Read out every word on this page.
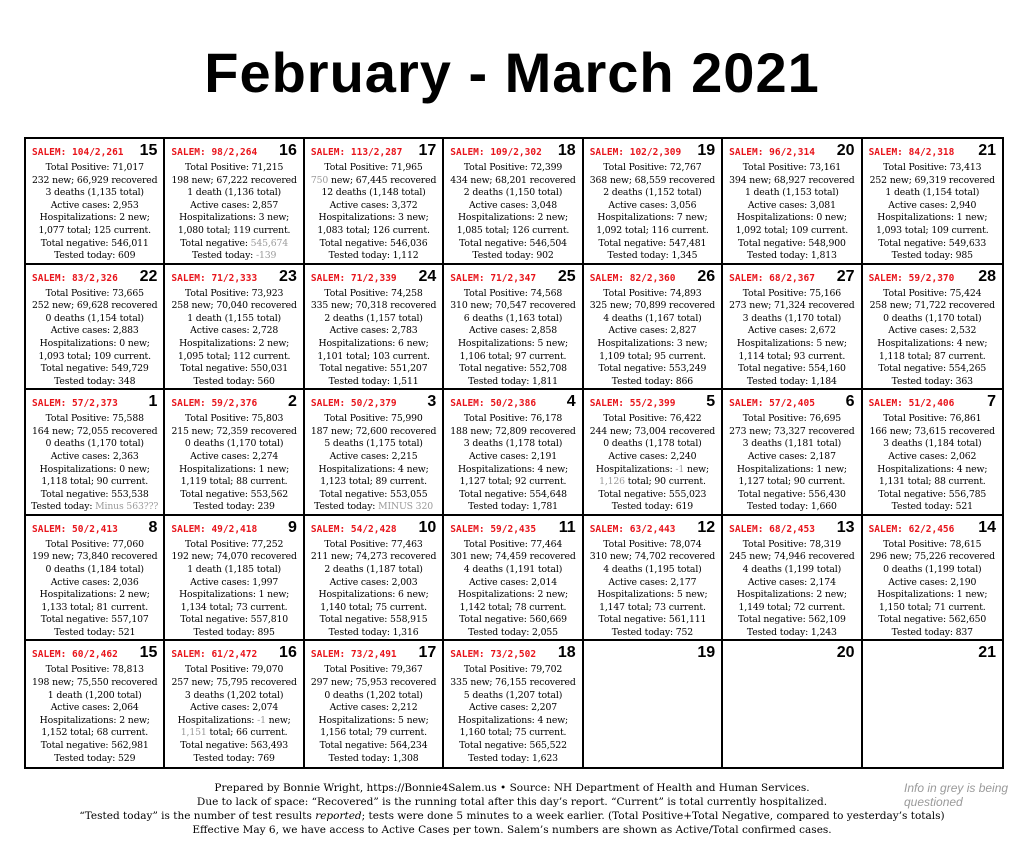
February - March 2021
SALEM: 104/2,261 15
Total Positive: 71,017
232 new; 66,929 recovered
3 deaths (1,135 total)
Active cases: 2,953
Hospitalizations: 2 new;
1,077 total; 125 current.
Total negative: 546,011
Tested today: 609
SALEM: 98/2,264 16
Total Positive: 71,215
198 new; 67,222 recovered
1 death (1,136 total)
Active cases: 2,857
Hospitalizations: 3 new;
1,080 total; 119 current.
Total negative: 545,674
Tested today: -139
SALEM: 113/2,287 17
Total Positive: 71,965
750 new; 67,445 recovered
12 deaths (1,148 total)
Active cases: 3,372
Hospitalizations: 3 new;
1,083 total; 126 current.
Total negative: 546,036
Tested today: 1,112
SALEM: 109/2,302 18
Total Positive: 72,399
434 new; 68,201 recovered
2 deaths (1,150 total)
Active cases: 3,048
Hospitalizations: 2 new;
1,085 total; 126 current.
Total negative: 546,504
Tested today: 902
SALEM: 102/2,309 19
Total Positive: 72,767
368 new; 68,559 recovered
2 deaths (1,152 total)
Active cases: 3,056
Hospitalizations: 7 new;
1,092 total; 116 current.
Total negative: 547,481
Tested today: 1,345
SALEM: 96/2,314 20
Total Positive: 73,161
394 new; 68,927 recovered
1 death (1,153 total)
Active cases: 3,081
Hospitalizations: 0 new;
1,092 total; 109 current.
Total negative: 548,900
Tested today: 1,813
SALEM: 84/2,318 21
Total Positive: 73,413
252 new; 69,319 recovered
1 death (1,154 total)
Active cases: 2,940
Hospitalizations: 1 new;
1,093 total; 109 current.
Total negative: 549,633
Tested today: 985
SALEM: 83/2,326 22
Total Positive: 73,665
252 new; 69,628 recovered
0 deaths (1,154 total)
Active cases: 2,883
Hospitalizations: 0 new;
1,093 total; 109 current.
Total negative: 549,729
Tested today: 348
SALEM: 71/2,333 23
Total Positive: 73,923
258 new; 70,040 recovered
1 death (1,155 total)
Active cases: 2,728
Hospitalizations: 2 new;
1,095 total; 112 current.
Total negative: 550,031
Tested today: 560
SALEM: 71/2,339 24
Total Positive: 74,258
335 new; 70,318 recovered
2 deaths (1,157 total)
Active cases: 2,783
Hospitalizations: 6 new;
1,101 total; 103 current.
Total negative: 551,207
Tested today: 1,511
SALEM: 71/2,347 25
Total Positive: 74,568
310 new; 70,547 recovered
6 deaths (1,163 total)
Active cases: 2,858
Hospitalizations: 5 new;
1,106 total; 97 current.
Total negative: 552,708
Tested today: 1,811
SALEM: 82/2,360 26
Total Positive: 74,893
325 new; 70,899 recovered
4 deaths (1,167 total)
Active cases: 2,827
Hospitalizations: 3 new;
1,109 total; 95 current.
Total negative: 553,249
Tested today: 866
SALEM: 68/2,367 27
Total Positive: 75,166
273 new; 71,324 recovered
3 deaths (1,170 total)
Active cases: 2,672
Hospitalizations: 5 new;
1,114 total; 93 current.
Total negative: 554,160
Tested today: 1,184
SALEM: 59/2,370 28
Total Positive: 75,424
258 new; 71,722 recovered
0 deaths (1,170 total)
Active cases: 2,532
Hospitalizations: 4 new;
1,118 total; 87 current.
Total negative: 554,265
Tested today: 363
SALEM: 57/2,373 1
Total Positive: 75,588
164 new; 72,055 recovered
0 deaths (1,170 total)
Active cases: 2,363
Hospitalizations: 0 new;
1,118 total; 90 current.
Total negative: 553,538
Tested today: Minus 563???
SALEM: 59/2,376 2
Total Positive: 75,803
215 new; 72,359 recovered
0 deaths (1,170 total)
Active cases: 2,274
Hospitalizations: 1 new;
1,119 total; 88 current.
Total negative: 553,562
Tested today: 239
SALEM: 50/2,379 3
Total Positive: 75,990
187 new; 72,600 recovered
5 deaths (1,175 total)
Active cases: 2,215
Hospitalizations: 4 new;
1,123 total; 89 current.
Total negative: 553,055
Tested today: MINUS 320
SALEM: 50/2,386 4
Total Positive: 76,178
188 new; 72,809 recovered
3 deaths (1,178 total)
Active cases: 2,191
Hospitalizations: 4 new;
1,127 total; 92 current.
Total negative: 554,648
Tested today: 1,781
SALEM: 55/2,399 5
Total Positive: 76,422
244 new; 73,004 recovered
0 deaths (1,178 total)
Active cases: 2,240
Hospitalizations: -1 new;
1,126 total; 90 current.
Total negative: 555,023
Tested today: 619
SALEM: 57/2,405 6
Total Positive: 76,695
273 new; 73,327 recovered
3 deaths (1,181 total)
Active cases: 2,187
Hospitalizations: 1 new;
1,127 total; 90 current.
Total negative: 556,430
Tested today: 1,660
SALEM: 51/2,406 7
Total Positive: 76,861
166 new; 73,615 recovered
3 deaths (1,184 total)
Active cases: 2,062
Hospitalizations: 4 new;
1,131 total; 88 current.
Total negative: 556,785
Tested today: 521
SALEM: 50/2,413 8
Total Positive: 77,060
199 new; 73,840 recovered
0 deaths (1,184 total)
Active cases: 2,036
Hospitalizations: 2 new;
1,133 total; 81 current.
Total negative: 557,107
Tested today: 521
SALEM: 49/2,418 9
Total Positive: 77,252
192 new; 74,070 recovered
1 death (1,185 total)
Active cases: 1,997
Hospitalizations: 1 new;
1,134 total; 73 current.
Total negative: 557,810
Tested today: 895
SALEM: 54/2,428 10
Total Positive: 77,463
211 new; 74,273 recovered
2 deaths (1,187 total)
Active cases: 2,003
Hospitalizations: 6 new;
1,140 total; 75 current.
Total negative: 558,915
Tested today: 1,316
SALEM: 59/2,435 11
Total Positive: 77,464
301 new; 74,459 recovered
4 deaths (1,191 total)
Active cases: 2,014
Hospitalizations: 2 new;
1,142 total; 78 current.
Total negative: 560,669
Tested today: 2,055
SALEM: 63/2,443 12
Total Positive: 78,074
310 new; 74,702 recovered
4 deaths (1,195 total)
Active cases: 2,177
Hospitalizations: 5 new;
1,147 total; 73 current.
Total negative: 561,111
Tested today: 752
SALEM: 68/2,453 13
Total Positive: 78,319
245 new; 74,946 recovered
4 deaths (1,199 total)
Active cases: 2,174
Hospitalizations: 2 new;
1,149 total; 72 current.
Total negative: 562,109
Tested today: 1,243
SALEM: 62/2,456 14
Total Positive: 78,615
296 new; 75,226 recovered
0 deaths (1,199 total)
Active cases: 2,190
Hospitalizations: 1 new;
1,150 total; 71 current.
Total negative: 562,650
Tested today: 837
SALEM: 60/2,462 15
Total Positive: 78,813
198 new; 75,550 recovered
1 death (1,200 total)
Active cases: 2,064
Hospitalizations: 2 new;
1,152 total; 68 current.
Total negative: 562,981
Tested today: 529
SALEM: 61/2,472 16
Total Positive: 79,070
257 new; 75,795 recovered
3 deaths (1,202 total)
Active cases: 2,074
Hospitalizations: -1 new;
1,151 total; 66 current.
Total negative: 563,493
Tested today: 769
SALEM: 73/2,491 17
Total Positive: 79,367
297 new; 75,953 recovered
0 deaths (1,202 total)
Active cases: 2,212
Hospitalizations: 5 new;
1,156 total; 79 current.
Total negative: 564,234
Tested today: 1,308
SALEM: 73/2,502 18
Total Positive: 79,702
335 new; 76,155 recovered
5 deaths (1,207 total)
Active cases: 2,207
Hospitalizations: 4 new;
1,160 total; 75 current.
Total negative: 565,522
Tested today: 1,623
19	20	21
Prepared by Bonnie Wright, https://Bonnie4Salem.us • Source: NH Department of Health and Human Services.
Due to lack of space: “Recovered” is the running total after this day’s report. “Current” is total currently hospitalized.
“Tested today” is the number of test results reported; tests were done 5 minutes to a week earlier. (Total Positive+Total Negative, compared to yesterday’s totals)
Effective May 6, we have access to Active Cases per town. Salem’s numbers are shown as Active/Total confirmed cases.
Info in grey is being questioned
